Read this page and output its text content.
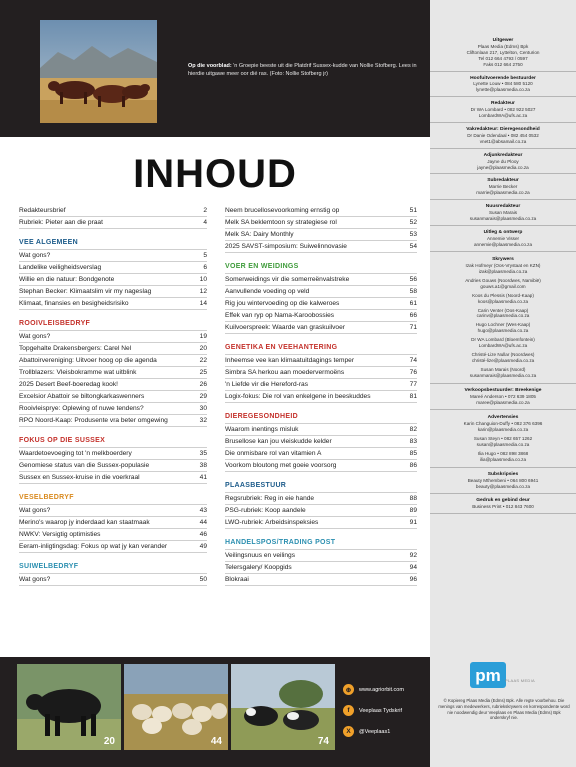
Op die voorblad: 'n Groepie beeste uit die Platdrif Sussex-kudde van Nollie Stofberg. Lees in hierdie uitgawe meer oor dié ras. (Foto: Nollie Stofberg jr)
INHOUD
Redakteursbrief	2
Rubriek: Pieter aan die praat	4
VEE ALGEMEEN
Wat gons?	5
Landelike veiligheidsverslag	6
Willie en die natuur: Bondgenote	10
Stephan Becker: Klimaatslim vir my nageslag	12
Klimaat, finansies en besigheidsrisiko	14
ROOIVLEISBEDRYF
Wat gons?	19
Topgehalte Drakensbergers: Carel Nel	20
Abattoirvereniging: Uitvoer hoog op die agenda	22
Trollblazers: Vleisbokramme wat uitblink	25
2025 Desert Beef-boeredag kook!	26
Excelsior Abattoir se biltongkarkaswenners	29
Rooivleisprye: Oplewing of nuwe tendens?	30
RPO Noord-Kaap: Produsente vra beter omgewing	32
FOKUS OP DIE SUSSEX
Waardetoevoeging tot 'n melkboerdery	35
Genomiese status van die Sussex-populasie	38
Sussex en Sussex-kruise in die voerkraal	41
VESELBEDRYF
Wat gons?	43
Merino's waarop jy inderdaad kan staatmaak	44
NWKV: Versigtig optimisties	46
Eeram-inligtingsdag: Fokus op wat jy kan verander	49
SUIWELBEDRYF
Wat gons?	50
Neem brucellosevoorkoming ernstig op	51
Melk SA beklemtoon sy strategiese rol	52
Melk SA: Dairy Monthly	53
2025 SAVST-simposium: Suiwelinnovasie	54
VOER EN WEIDINGS
Somerweidings vir die somerreënvalstreke	56
Aanvullende voeding op veld	58
Rig jou wintervoeding op die kalweroes	61
Effek van ryp op Nama-Karoobossies	66
Kuilvoerspreek: Waarde van graskuilvoer	71
GENETIKA EN VEEHANTERING
Inheemse vee kan klimaatuitdagings temper	74
Simbra SA herkou aan moedervermoëns	76
'n Liefde vir die Hereford-ras	77
Logix-fokus: Die rol van enkelgene in beeskuddes	81
DIEREGESONDHEID
Waarom inentings misluk	82
Brusellose kan jou vleiskudde kelder	83
Die onmisbare rol van vitamien A	85
Voorkom bloutong met goeie voorsorg	86
PLAASBESTUUR
Regsrubriek: Reg in eie hande	88
PSG-rubriek: Koop aandele	89
LWO-rubriek: Arbeidsinspeksies	91
HANDELSPOS/TRADING POST
Veilingsnuus en veilings	92
Telersgalery/ Koopgids	94
Blokraai	96
Uitgewer
Plaas Media (Edms) Bpk
Cliftonlaan 217, Lyttelton, Centurion
Tel 012 664 4793 / 0597
Faks 012 664 2750
Hoofuitvoerende bestuurder
Lynette Louw • 084 580 5120
lynette@plaasmedia.co.za
Redakteur
Dr WA Lombard • 082 922 5027
LombardWA@ufs.ac.za
Vakredakteur: Dieregesondheid
Dr Danie Odendaal • 082 454 0532
vnet1@absamail.co.za
Adjunkredakteur
Jayne du Plooy
jayne@plaasmedia.co.za
Subredakteur
Marrie Becker
marrie@plaasmedia.co.za
Nuusredakteur
Susan Marais
susanmarais@plaasmedia.co.za
Uitleg & ontwerp
Annemie Visser
annemie@plaasmedia.co.za
Skrywers
Izak Hofmeyr (Oos-Vrystaat en KZN)
izak@plaasmedia.co.za
Andries Gouws (Noordwes, Namibië)
gouws.a1@gmail.com
Koos du Plessis (Noord-Kaap)
koos@plaasmedia.co.za
Carin Venter (Oos-Kaap)
carinv@plaasmedia.co.za
Hugo Lochner (Wes-Kaap)
hugo@plaasmedia.co.za
Dr WA Lombard (Bloemfontein)
LombardWA@ufs.ac.za
Christé-Lize Nullar (Noordwes)
christé-lize@plaasmedia.co.za
Susan Marais (Noord)
susanmarais@plaasmedia.co.za
Verkoopsbestuurder: Breekenige
Mareé Anderson • 072 639 1805
maree@plaasmedia.co.za
Advertensies
Karin Changuion-Duffy • 082 376 6396
karin@plaasmedia.co.za
Susan Steyn • 082 657 1262
susan@plaasmedia.co.za
Ilia Hugo • 082 898 3868
ilia@plaasmedia.co.za
Subskripsies
Beauty Mthembeni • 064 800 6941
beauty@plaasmedia.co.za
Gedruk en gebind deur
Business Print • 012 843 7600
20	44	74
⊕	www.agriorbit.com
f	Veeplaas Tydskrif
X	@Veeplaas1
pm PLAAS MEDIA
© Kopiereg Plaas Media (Edms) Bpk. Alle regte voorbehou. Die menings van medewerkers, rubriekskrywers en korrespondente word nie noodwendig deur Veeplaas en Plaas Media (Edms) Bpk onderskryf nie.
